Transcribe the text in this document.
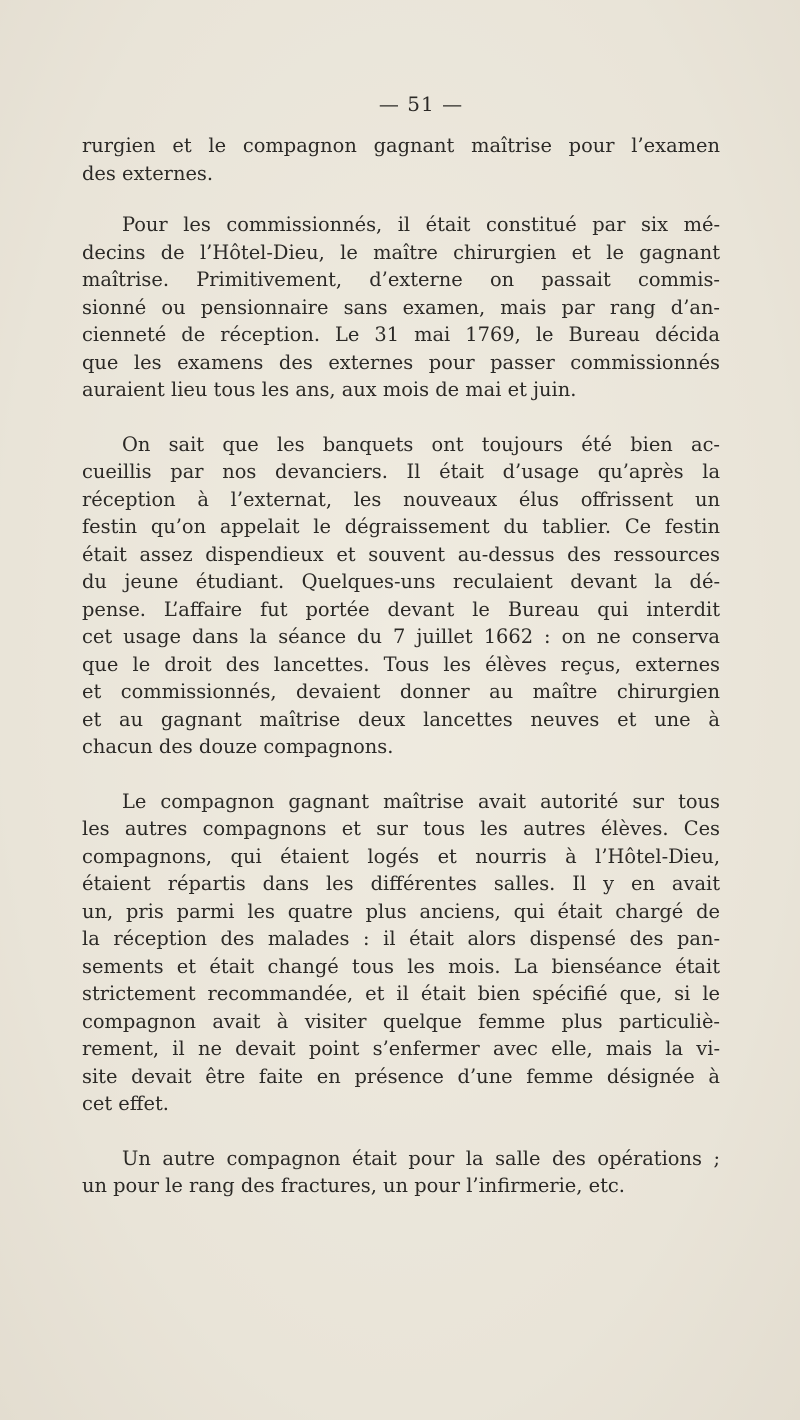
— 51 —

rurgien et le compagnon gagnant maîtrise pour l’examen
des externes.

Pour les commissionnés, il était constitué par six mé-
decins de l’Hôtel-Dieu, le maître chirurgien et le gagnant
maîtrise. Primitivement, d’externe on passait commis-
sionné ou pensionnaire sans examen, mais par rang d’an-
cienneté de réception. Le 31 mai 1769, le Bureau décida
que les examens des externes pour passer commissionnés
auraient lieu tous les ans, aux mois de mai et juin.

On sait que les banquets ont toujours été bien ac-
cueillis par nos devanciers. Il était d’usage qu’après la
réception à l’externat, les nouveaux élus offrissent un
festin qu’on appelait le dégraissement du tablier. Ce festin
était assez dispendieux et souvent au-dessus des ressources
du jeune étudiant. Quelques-uns reculaient devant la dé-
pense. L’affaire fut portée devant le Bureau qui interdit
cet usage dans la séance du 7 juillet 1662 : on ne conserva
que le droit des lancettes. Tous les élèves reçus, externes
et commissionnés, devaient donner au maître chirurgien
et au gagnant maîtrise deux lancettes neuves et une à
chacun des douze compagnons.

Le compagnon gagnant maîtrise avait autorité sur tous
les autres compagnons et sur tous les autres élèves. Ces
compagnons, qui étaient logés et nourris à l’Hôtel-Dieu,
étaient répartis dans les différentes salles. Il y en avait
un, pris parmi les quatre plus anciens, qui était chargé de
la réception des malades : il était alors dispensé des pan-
sements et était changé tous les mois. La bienséance était
strictement recommandée, et il était bien spécifié que, si le
compagnon avait à visiter quelque femme plus particuliè-
rement, il ne devait point s’enfermer avec elle, mais la vi-
site devait être faite en présence d’une femme désignée à
cet effet.

Un autre compagnon était pour la salle des opérations ;
un pour le rang des fractures, un pour l’infirmerie, etc.
